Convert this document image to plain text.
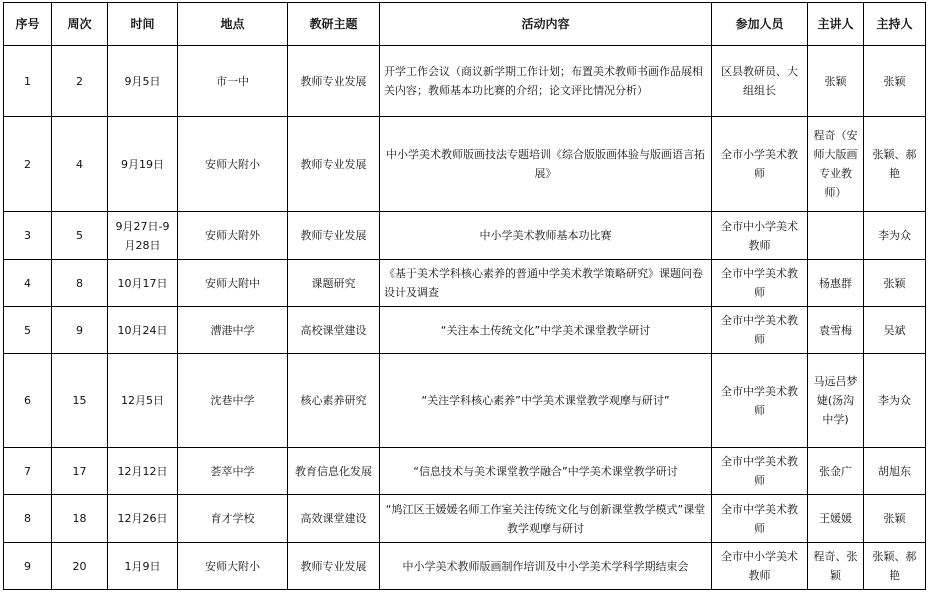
序号	周次	时间	地点	教研主题	活动内容	参加人员	主讲人	主持人
1	2	9月5日	市一中	教师专业发展	开学工作会议（商议新学期工作计划；布置美术教师书画作品展相关内容；教师基本功比赛的介绍；论文评比情况分析）	区县教研员、大组组长	张颖	张颖
2	4	9月19日	安师大附小	教师专业发展	中小学美术教师版画技法专题培训《综合版版画体验与版画语言拓展》	全市小学美术教师	程奇（安师大版画专业教师）	张颖、郝艳
3	5	9月27日-9月28日	安师大附外	教师专业发展	中小学美术教师基本功比赛	全市中小学美术教师		李为众
4	8	10月17日	安师大附中	课题研究	《基于美术学科核心素养的普通中学美术教学策略研究》课题问卷设计及调查	全市中学美术教师	杨惠群	张颖
5	9	10月24日	漕港中学	高校课堂建设	“关注本土传统文化”中学美术课堂教学研讨	全市中学美术教师	袁雪梅	吴斌
6	15	12月5日	沈巷中学	核心素养研究	“关注学科核心素养”中学美术课堂教学观摩与研讨”	全市中学美术教师	马远吕梦婕(汤沟中学)	李为众
7	17	12月12日	荟萃中学	教育信息化发展	“信息技术与美术课堂教学融合”中学美术课堂教学研讨	全市中学美术教师	张金广	胡旭东
8	18	12月26日	育才学校	高效课堂建设	“鸠江区王媛媛名师工作室关注传统文化与创新课堂教学模式”课堂教学观摩与研讨	全市中学美术教师	王媛媛	张颖
9	20	1月9日	安师大附小	教师专业发展	中小学美术教师版画制作培训及中小学美术学科学期结束会	全市中小学美术教师	程奇、张颖	张颖、郝艳
